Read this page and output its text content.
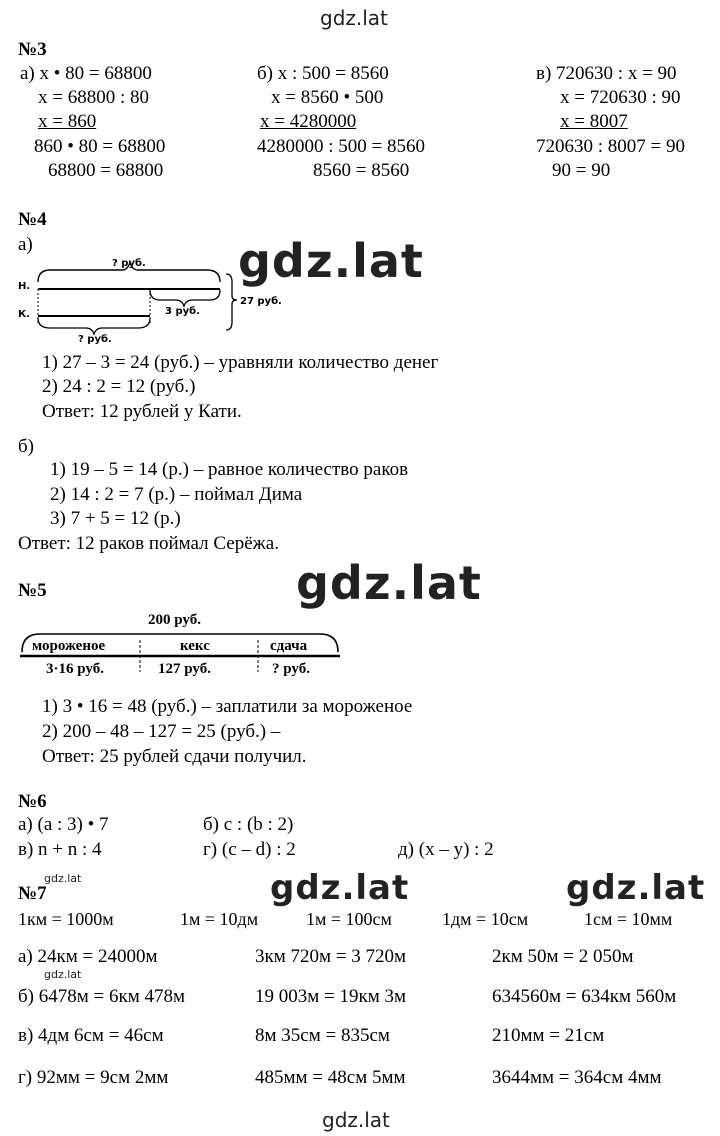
gdz.lat
gdz.lat
gdz.lat
gdz.lat	gdz.lat
gdz.lat
gdz.lat
gdz.lat
№3
а) x • 80 = 68800
x = 68800 : 80
x = 860
860 • 80 = 68800
68800 = 68800
б) x : 500 = 8560
x = 8560 • 500
x = 4280000
4280000 : 500 = 8560
8560 = 8560
в) 720630 : x = 90
x = 720630 : 90
x = 8007
720630 : 8007 = 90
90 = 90
№4
а)
? руб.
Н.
К.	3 руб.
27 руб.
? руб.
1) 27 – 3 = 24 (руб.) – уравняли количество денег
2) 24 : 2 = 12 (руб.)
Ответ: 12 рублей у Кати.
б)
1) 19 – 5 = 14 (р.) – равное количество раков
2) 14 : 2 = 7 (р.) – поймал Дима
3) 7 + 5 = 12 (р.)
Ответ: 12 раков поймал Серёжа.
№5
200 руб.
мороженое	кекс	сдача
3·16 руб.	127 руб.	? руб.
1) 3 • 16 = 48 (руб.) – заплатили за мороженое
2) 200 – 48 – 127 = 25 (руб.) –
Ответ: 25 рублей сдачи получил.
№6
а) (a : 3) • 7	б) c : (b : 2)
в) n + n : 4	г) (c – d) : 2	д) (x – y) : 2
№7
1км = 1000м	1м = 10дм	1м = 100см	1дм = 10см	1см = 10мм
а) 24км = 24000м	3км 720м = 3 720м	2км 50м = 2 050м
б) 6478м = 6км 478м	19 003м = 19км 3м	634560м = 634км 560м
в) 4дм 6см = 46см	8м 35см = 835см	210мм = 21см
г) 92мм = 9см 2мм	485мм = 48см 5мм	3644мм = 364см 4мм
